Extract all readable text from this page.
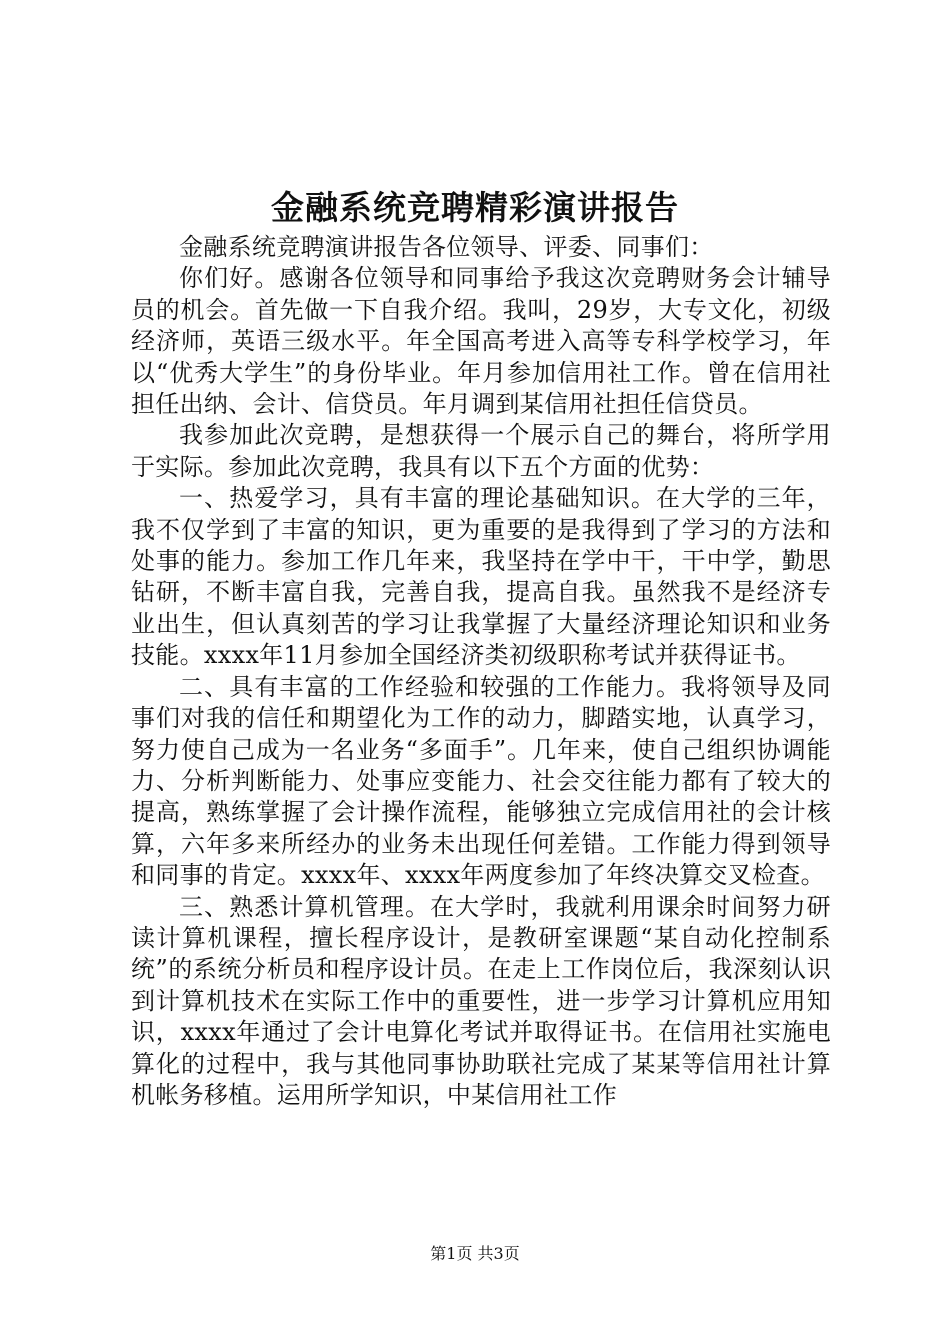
金融系统竞聘精彩演讲报告

金融系统竞聘演讲报告各位领导、评委、同事们：

你们好。感谢各位领导和同事给予我这次竞聘财务会计辅导员的机会。首先做一下自我介绍。我叫，29岁，大专文化，初级经济师，英语三级水平。年全国高考进入高等专科学校学习，年以“优秀大学生”的身份毕业。年月参加信用社工作。曾在信用社担任出纳、会计、信贷员。年月调到某信用社担任信贷员。

我参加此次竞聘，是想获得一个展示自己的舞台，将所学用于实际。参加此次竞聘，我具有以下五个方面的优势：

一、热爱学习，具有丰富的理论基础知识。在大学的三年，我不仅学到了丰富的知识，更为重要的是我得到了学习的方法和处事的能力。参加工作几年来，我坚持在学中干，干中学，勤思钻研，不断丰富自我，完善自我，提高自我。虽然我不是经济专业出生，但认真刻苦的学习让我掌握了大量经济理论知识和业务技能。xxxx年11月参加全国经济类初级职称考试并获得证书。

二、具有丰富的工作经验和较强的工作能力。我将领导及同事们对我的信任和期望化为工作的动力，脚踏实地，认真学习，努力使自己成为一名业务“多面手”。几年来，使自己组织协调能力、分析判断能力、处事应变能力、社会交往能力都有了较大的提高，熟练掌握了会计操作流程，能够独立完成信用社的会计核算，六年多来所经办的业务未出现任何差错。工作能力得到领导和同事的肯定。xxxx年、xxxx年两度参加了年终决算交叉检查。

三、熟悉计算机管理。在大学时，我就利用课余时间努力研读计算机课程，擅长程序设计，是教研室课题“某自动化控制系统”的系统分析员和程序设计员。在走上工作岗位后，我深刻认识到计算机技术在实际工作中的重要性，进一步学习计算机应用知识，xxxx年通过了会计电算化考试并取得证书。在信用社实施电算化的过程中，我与其他同事协助联社完成了某某等信用社计算机帐务移植。运用所学知识，中某信用社工作

第1页 共3页
